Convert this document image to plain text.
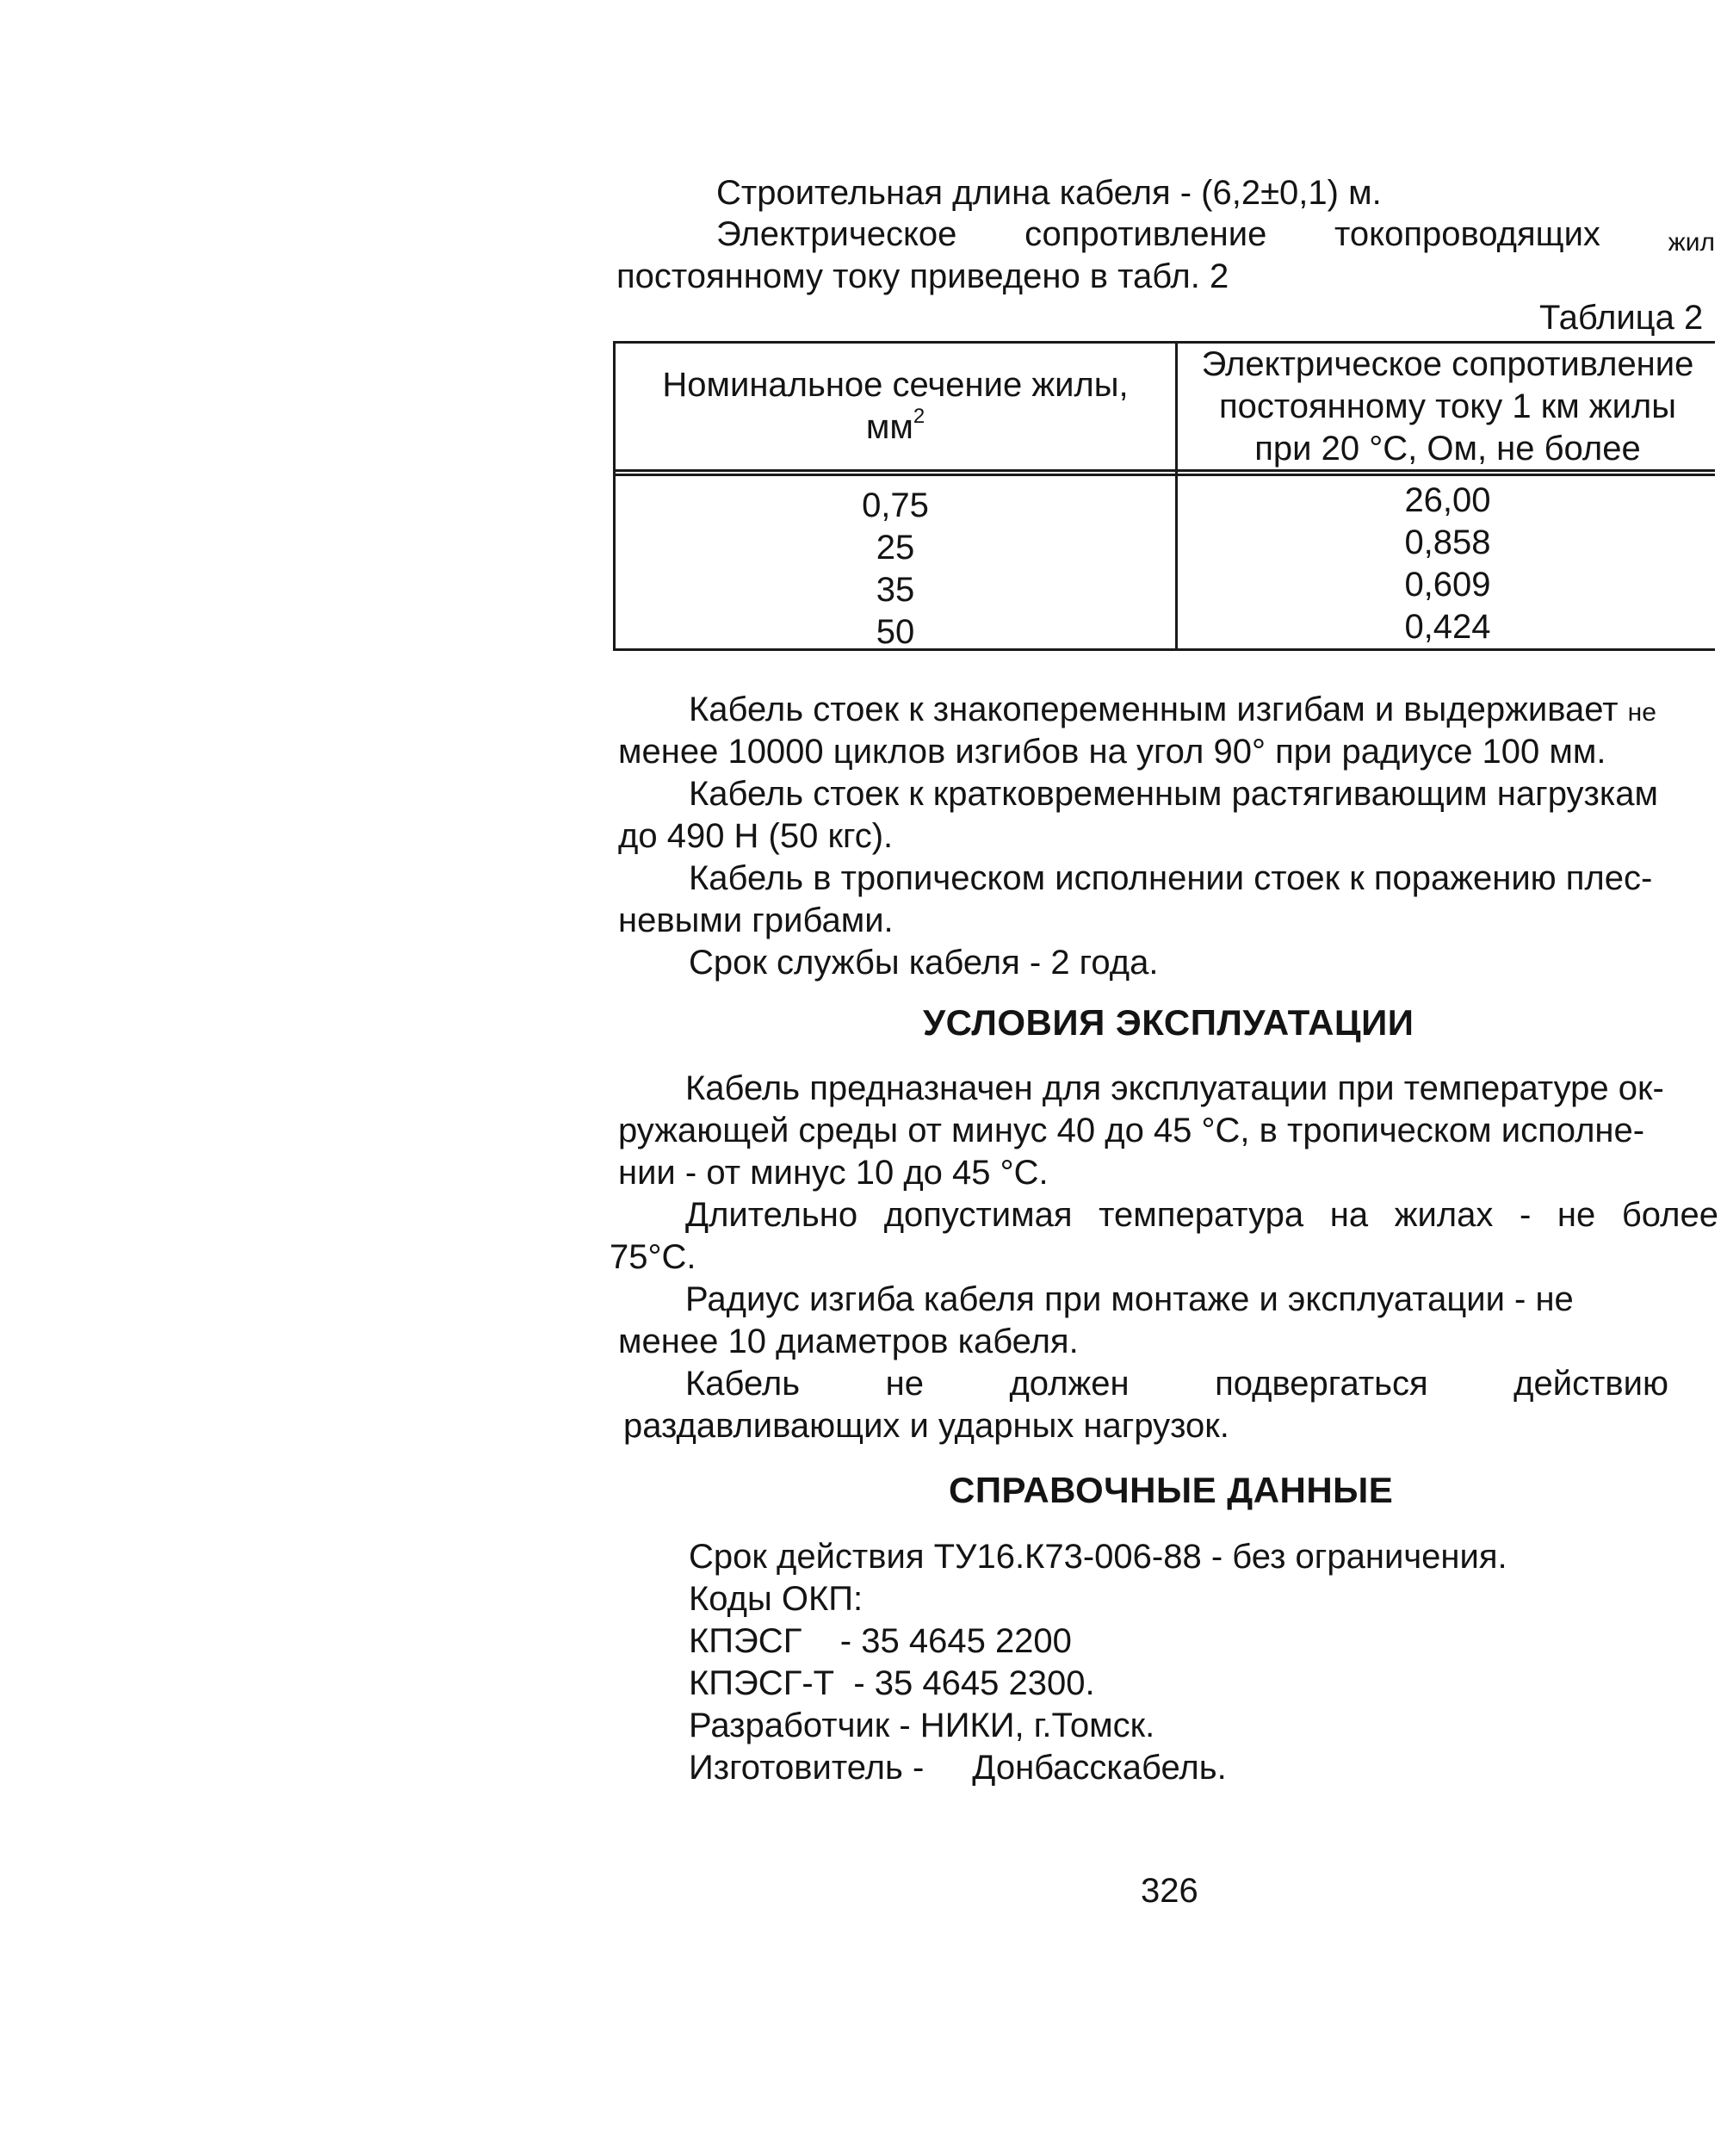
Строительная длина кабеля - (6,2±0,1) м.

Электрическое сопротивление токопроводящих	жил

постоянному току приведено в табл. 2

Таблица 2
Номинальное сечение жилы,
$мм^2$
Электрическое сопротивление
постоянному току 1 км жилы
при 20 °С, Ом, не более
0,75
25
35
50
26,00
0,858
0,609
0,424

Кабель стоек к знакопеременным изгибам и выдерживает не

менее 10000 циклов изгибов на угол 90° при радиусе 100 мм.

Кабель стоек к кратковременным растягивающим нагрузкам

до 490 Н (50 кгс).

Кабель в тропическом исполнении стоек к поражению плес-

невыми грибами.

Срок службы кабеля - 2 года.

УСЛОВИЯ ЭКСПЛУАТАЦИИ

Кабель предназначен для эксплуатации при температуре ок-

ружающей среды от минус 40 до 45 °С, в тропическом исполне-

нии - от минус 10 до 45 °С.

Длительно допустимая температура на жилах - не более

75°С.

Радиус изгиба кабеля при монтаже и эксплуатации - не

менее 10 диаметров кабеля.

Кабель не должен подвергаться действию

раздавливающих и ударных нагрузок.

СПРАВОЧНЫЕ ДАННЫЕ

Срок действия ТУ16.К73-006-88 - без ограничения.

Коды ОКП:

КПЭСГ    - 35 4645 2200

КПЭСГ-Т  - 35 4645 2300.

Разработчик - НИКИ, г.Томск.

Изготовитель - Донбасскабель.

326
